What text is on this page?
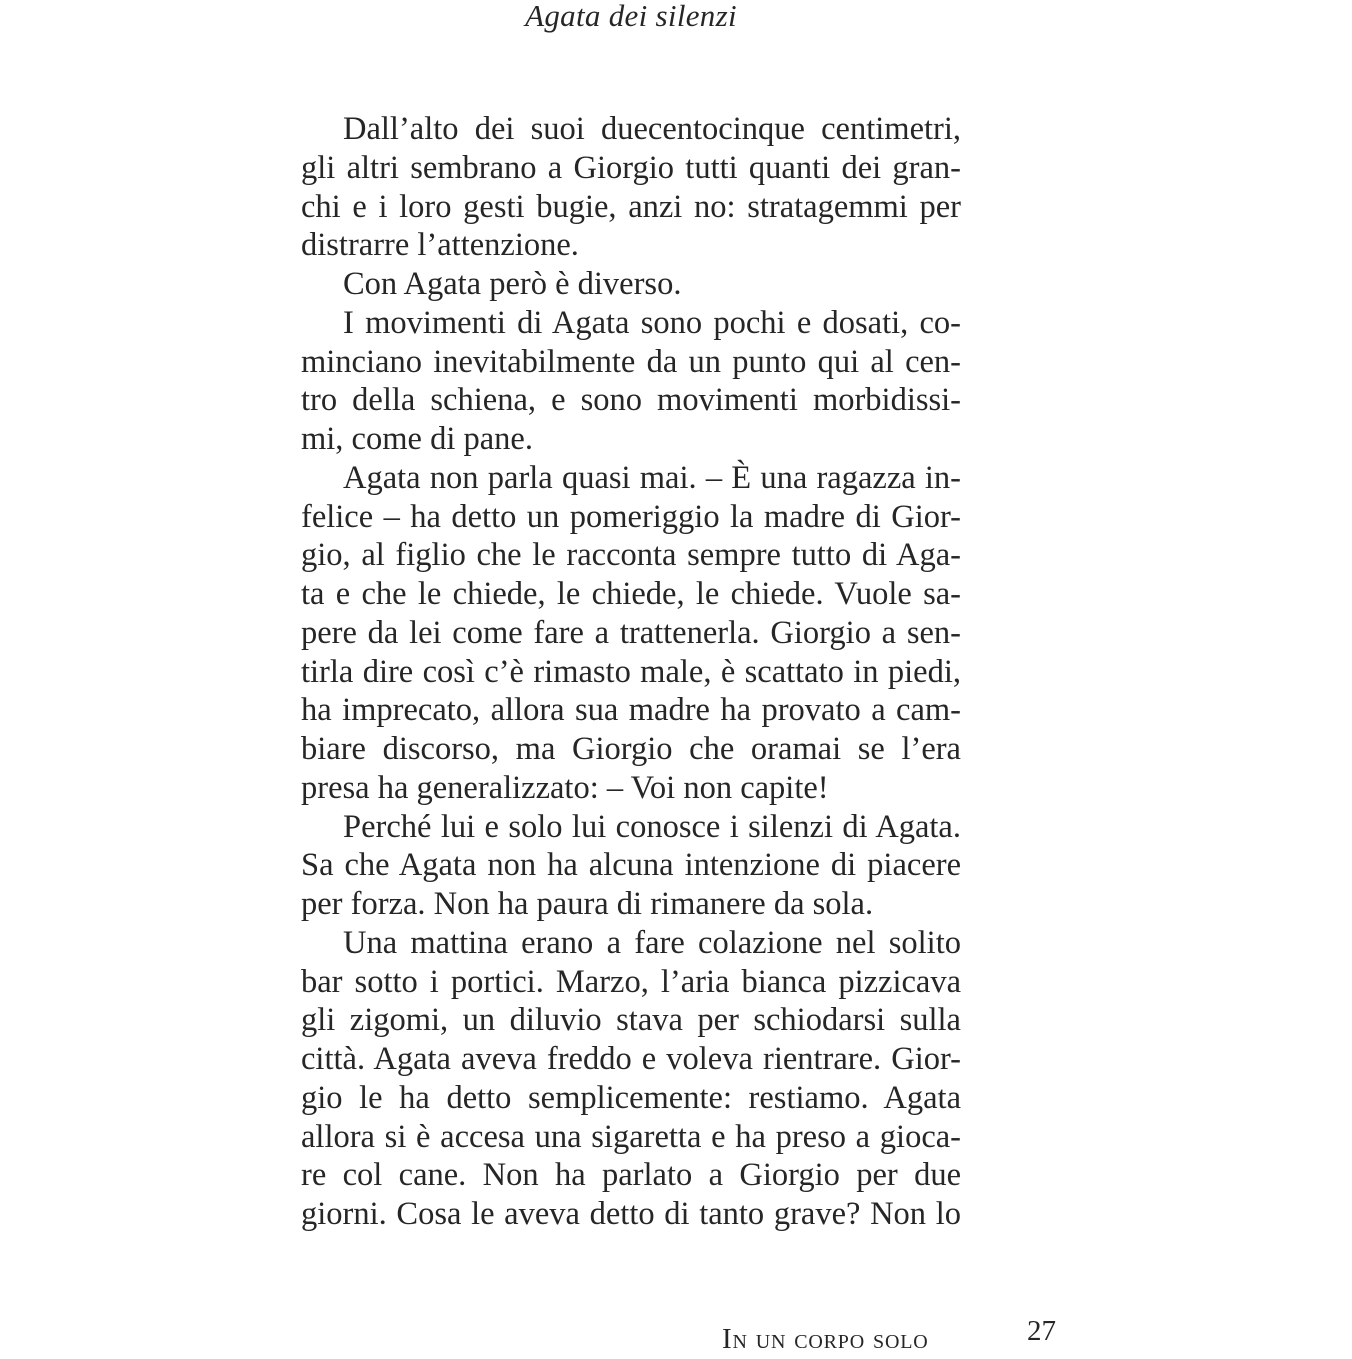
Agata dei silenzi
Dall’alto dei suoi duecentocinque centimetri,
gli altri sembrano a Giorgio tutti quanti dei gran-
chi e i loro gesti bugie, anzi no: stratagemmi per
distrarre l’attenzione.
Con Agata però è diverso.
I movimenti di Agata sono pochi e dosati, co-
minciano inevitabilmente da un punto qui al cen-
tro della schiena, e sono movimenti morbidissi-
mi, come di pane.
Agata non parla quasi mai. – È una ragazza in-
felice – ha detto un pomeriggio la madre di Gior-
gio, al figlio che le racconta sempre tutto di Aga-
ta e che le chiede, le chiede, le chiede. Vuole sa-
pere da lei come fare a trattenerla. Giorgio a sen-
tirla dire così c’è rimasto male, è scattato in piedi,
ha imprecato, allora sua madre ha provato a cam-
biare discorso, ma Giorgio che oramai se l’era
presa ha generalizzato: – Voi non capite!
Perché lui e solo lui conosce i silenzi di Agata.
Sa che Agata non ha alcuna intenzione di piacere
per forza. Non ha paura di rimanere da sola.
Una mattina erano a fare colazione nel solito
bar sotto i portici. Marzo, l’aria bianca pizzicava
gli zigomi, un diluvio stava per schiodarsi sulla
città. Agata aveva freddo e voleva rientrare. Gior-
gio le ha detto semplicemente: restiamo. Agata
allora si è accesa una sigaretta e ha preso a gioca-
re col cane. Non ha parlato a Giorgio per due
giorni. Cosa le aveva detto di tanto grave? Non lo
In un corpo solo	27
